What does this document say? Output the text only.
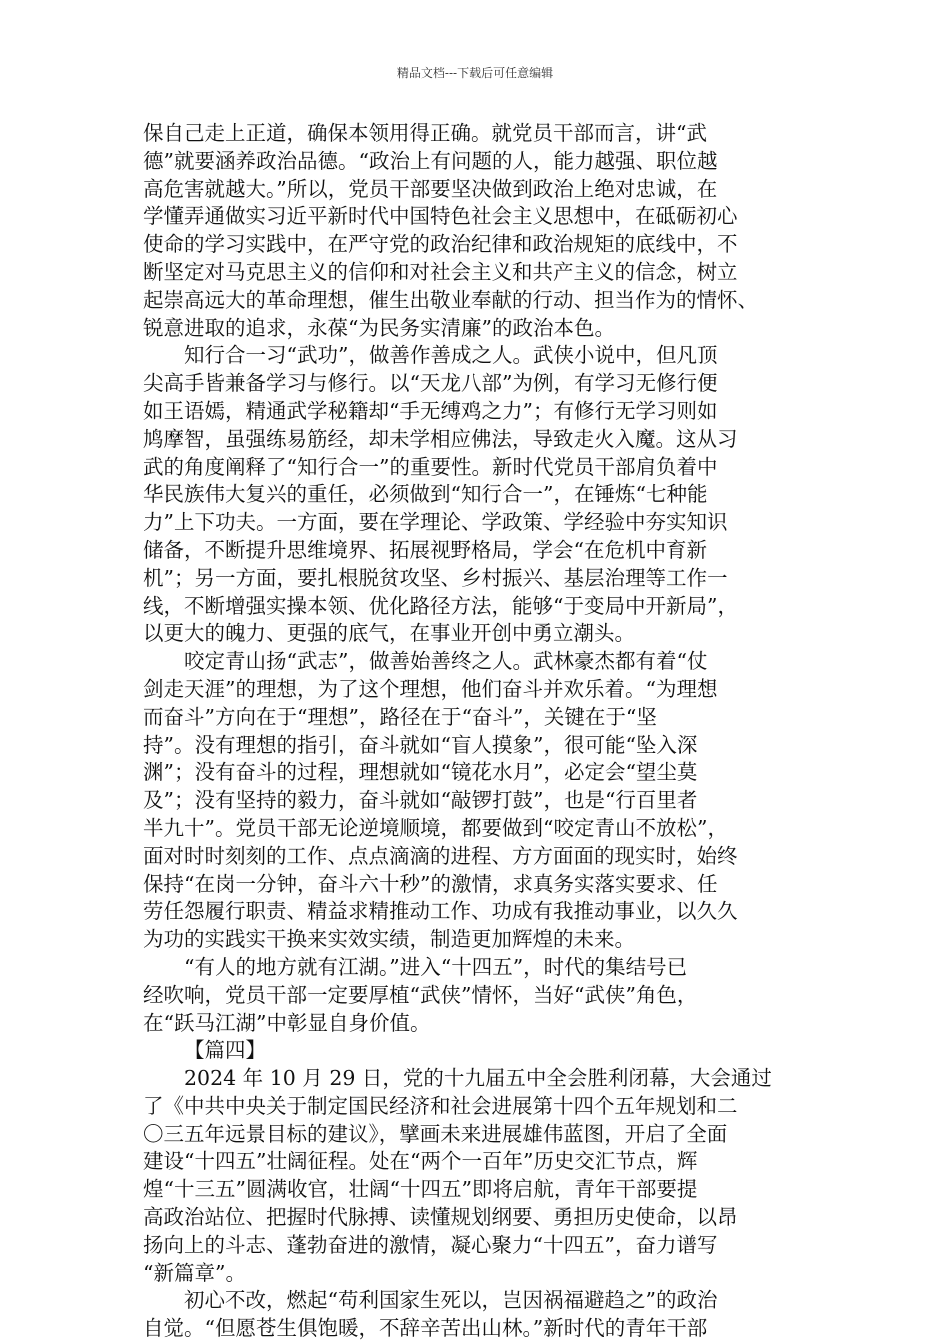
精品文档---下载后可任意编辑
保自己走上正道，确保本领用得正确。就党员干部而言，讲“武
德”就要涵养政治品德。“政治上有问题的人，能力越强、职位越
高危害就越大。”所以，党员干部要坚决做到政治上绝对忠诚，在
学懂弄通做实习近平新时代中国特色社会主义思想中，在砥砺初心
使命的学习实践中，在严守党的政治纪律和政治规矩的底线中，不
断坚定对马克思主义的信仰和对社会主义和共产主义的信念，树立
起崇高远大的革命理想，催生出敬业奉献的行动、担当作为的情怀、
锐意进取的追求，永葆“为民务实清廉”的政治本色。
知行合一习“武功”，做善作善成之人。武侠小说中，但凡顶
尖高手皆兼备学习与修行。以“天龙八部”为例，有学习无修行便
如王语嫣，精通武学秘籍却“手无缚鸡之力”；有修行无学习则如
鸠摩智，虽强练易筋经，却未学相应佛法，导致走火入魔。这从习
武的角度阐释了“知行合一”的重要性。新时代党员干部肩负着中
华民族伟大复兴的重任，必须做到“知行合一”，在锤炼“七种能
力”上下功夫。一方面，要在学理论、学政策、学经验中夯实知识
储备，不断提升思维境界、拓展视野格局，学会“在危机中育新
机”；另一方面，要扎根脱贫攻坚、乡村振兴、基层治理等工作一
线，不断增强实操本领、优化路径方法，能够“于变局中开新局”，
以更大的魄力、更强的底气，在事业开创中勇立潮头。
咬定青山扬“武志”，做善始善终之人。武林豪杰都有着“仗
剑走天涯”的理想，为了这个理想，他们奋斗并欢乐着。“为理想
而奋斗”方向在于“理想”，路径在于“奋斗”，关键在于“坚
持”。没有理想的指引，奋斗就如“盲人摸象”，很可能“坠入深
渊”；没有奋斗的过程，理想就如“镜花水月”，必定会“望尘莫
及”；没有坚持的毅力，奋斗就如“敲锣打鼓”，也是“行百里者
半九十”。党员干部无论逆境顺境，都要做到“咬定青山不放松”，
面对时时刻刻的工作、点点滴滴的进程、方方面面的现实时，始终
保持“在岗一分钟，奋斗六十秒”的激情，求真务实落实要求、任
劳任怨履行职责、精益求精推动工作、功成有我推动事业，以久久
为功的实践实干换来实效实绩，制造更加辉煌的未来。
“有人的地方就有江湖。”进入“十四五”，时代的集结号已
经吹响，党员干部一定要厚植“武侠”情怀，当好“武侠”角色，
在“跃马江湖”中彰显自身价值。
【篇四】
2024 年 10 月 29 日，党的十九届五中全会胜利闭幕，大会通过
了《中共中央关于制定国民经济和社会进展第十四个五年规划和二
〇三五年远景目标的建议》，擘画未来进展雄伟蓝图，开启了全面
建设“十四五”壮阔征程。处在“两个一百年”历史交汇节点，辉
煌“十三五”圆满收官，壮阔“十四五”即将启航，青年干部要提
高政治站位、把握时代脉搏、读懂规划纲要、勇担历史使命，以昂
扬向上的斗志、蓬勃奋进的激情，凝心聚力“十四五”，奋力谱写
“新篇章”。
初心不改，燃起“苟利国家生死以，岂因祸福避趋之”的政治
自觉。“但愿苍生俱饱暖，不辞辛苦出山林。”新时代的青年干部
